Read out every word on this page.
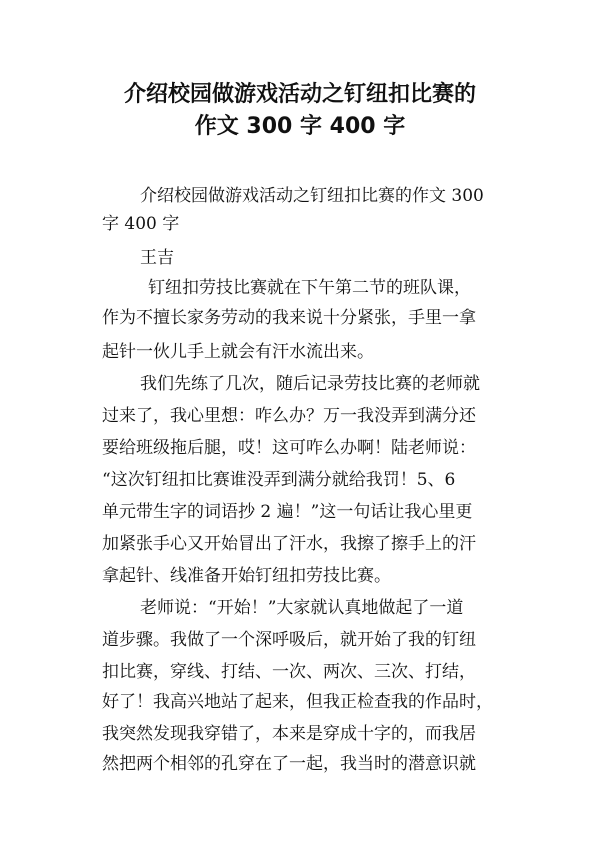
介绍校园做游戏活动之钉纽扣比赛的
作文 300 字 400 字

介绍校园做游戏活动之钉纽扣比赛的作文 300

字 400 字

王吉

钉纽扣劳技比赛就在下午第二节的班队课，

作为不擅长家务劳动的我来说十分紧张，手里一拿

起针一伙儿手上就会有汗水流出来。

我们先练了几次，随后记录劳技比赛的老师就

过来了，我心里想：咋么办？万一我没弄到满分还

要给班级拖后腿，哎！这可咋么办啊！陆老师说：

“这次钉纽扣比赛谁没弄到满分就给我罚！5、6

单元带生字的词语抄 2 遍！”这一句话让我心里更

加紧张手心又开始冒出了汗水，我擦了擦手上的汗

拿起针、线准备开始钉纽扣劳技比赛。

老师说：“开始！”大家就认真地做起了一道

道步骤。我做了一个深呼吸后，就开始了我的钉纽

扣比赛，穿线、打结、一次、两次、三次、打结，

好了！我高兴地站了起来，但我正检查我的作品时，

我突然发现我穿错了，本来是穿成十字的，而我居

然把两个相邻的孔穿在了一起，我当时的潜意识就
